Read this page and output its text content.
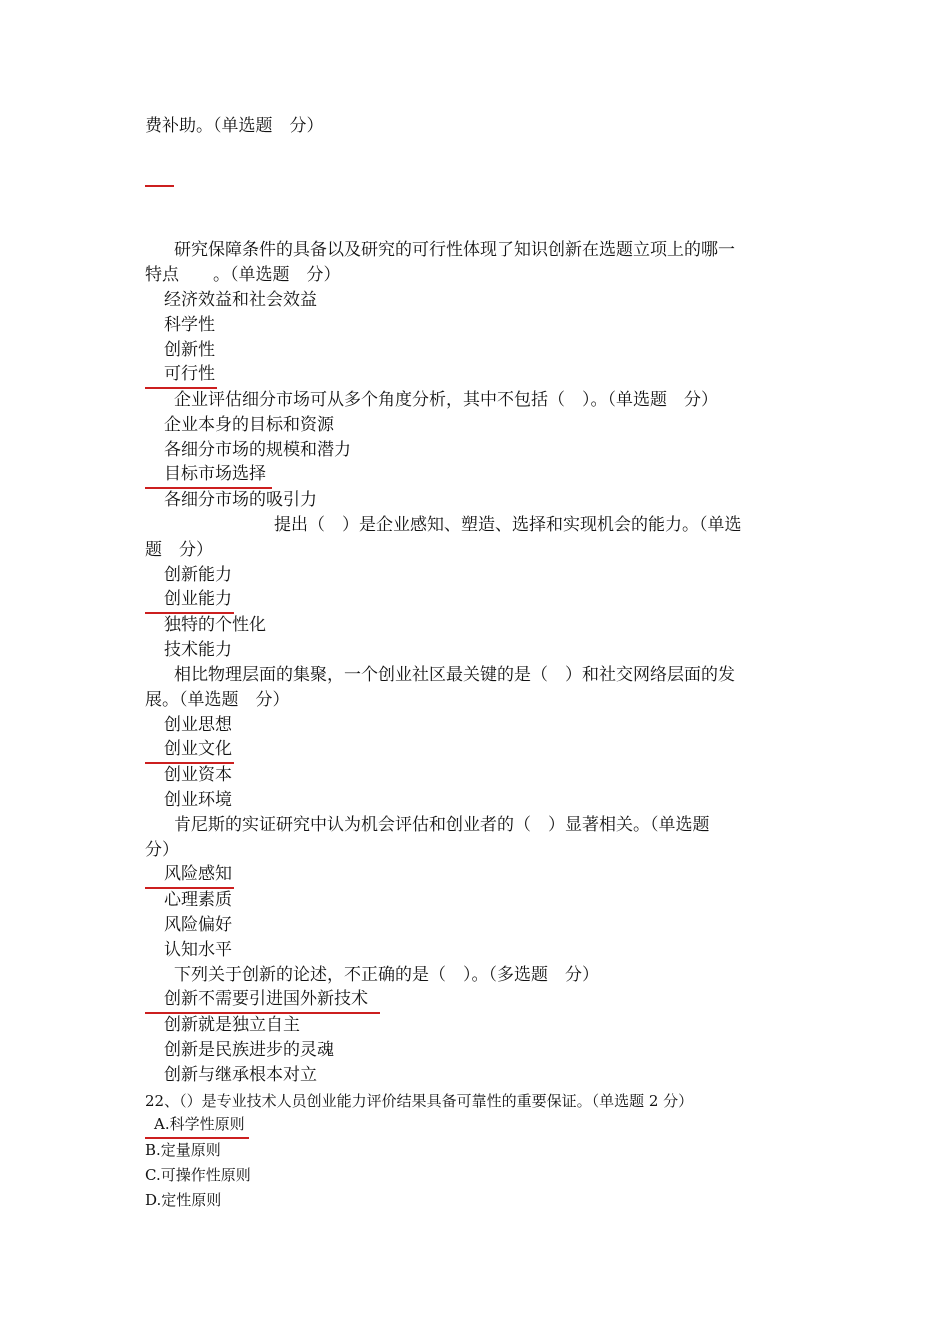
费补助。（单选题　分）
研究保障条件的具备以及研究的可行性体现了知识创新在选题立项上的哪一
特点　　。（单选题　分）
经济效益和社会效益
科学性
创新性
可行性
企业评估细分市场可从多个角度分析，其中不包括（　）。（单选题　分）
企业本身的目标和资源
各细分市场的规模和潜力
目标市场选择
各细分市场的吸引力
提出（　）是企业感知、塑造、选择和实现机会的能力。（单选
题　分）
创新能力
创业能力
独特的个性化
技术能力
相比物理层面的集聚，一个创业社区最关键的是（　）和社交网络层面的发
展。（单选题　分）
创业思想
创业文化
创业资本
创业环境
肯尼斯的实证研究中认为机会评估和创业者的（　）显著相关。（单选题
分）
风险感知
心理素质
风险偏好
认知水平
下列关于创新的论述，不正确的是（　）。（多选题　分）
创新不需要引进国外新技术
创新就是独立自主
创新是民族进步的灵魂
创新与继承根本对立
22、（）是专业技术人员创业能力评价结果具备可靠性的重要保证。（单选题 2 分）
A.科学性原则
B.定量原则
C.可操作性原则
D.定性原则
